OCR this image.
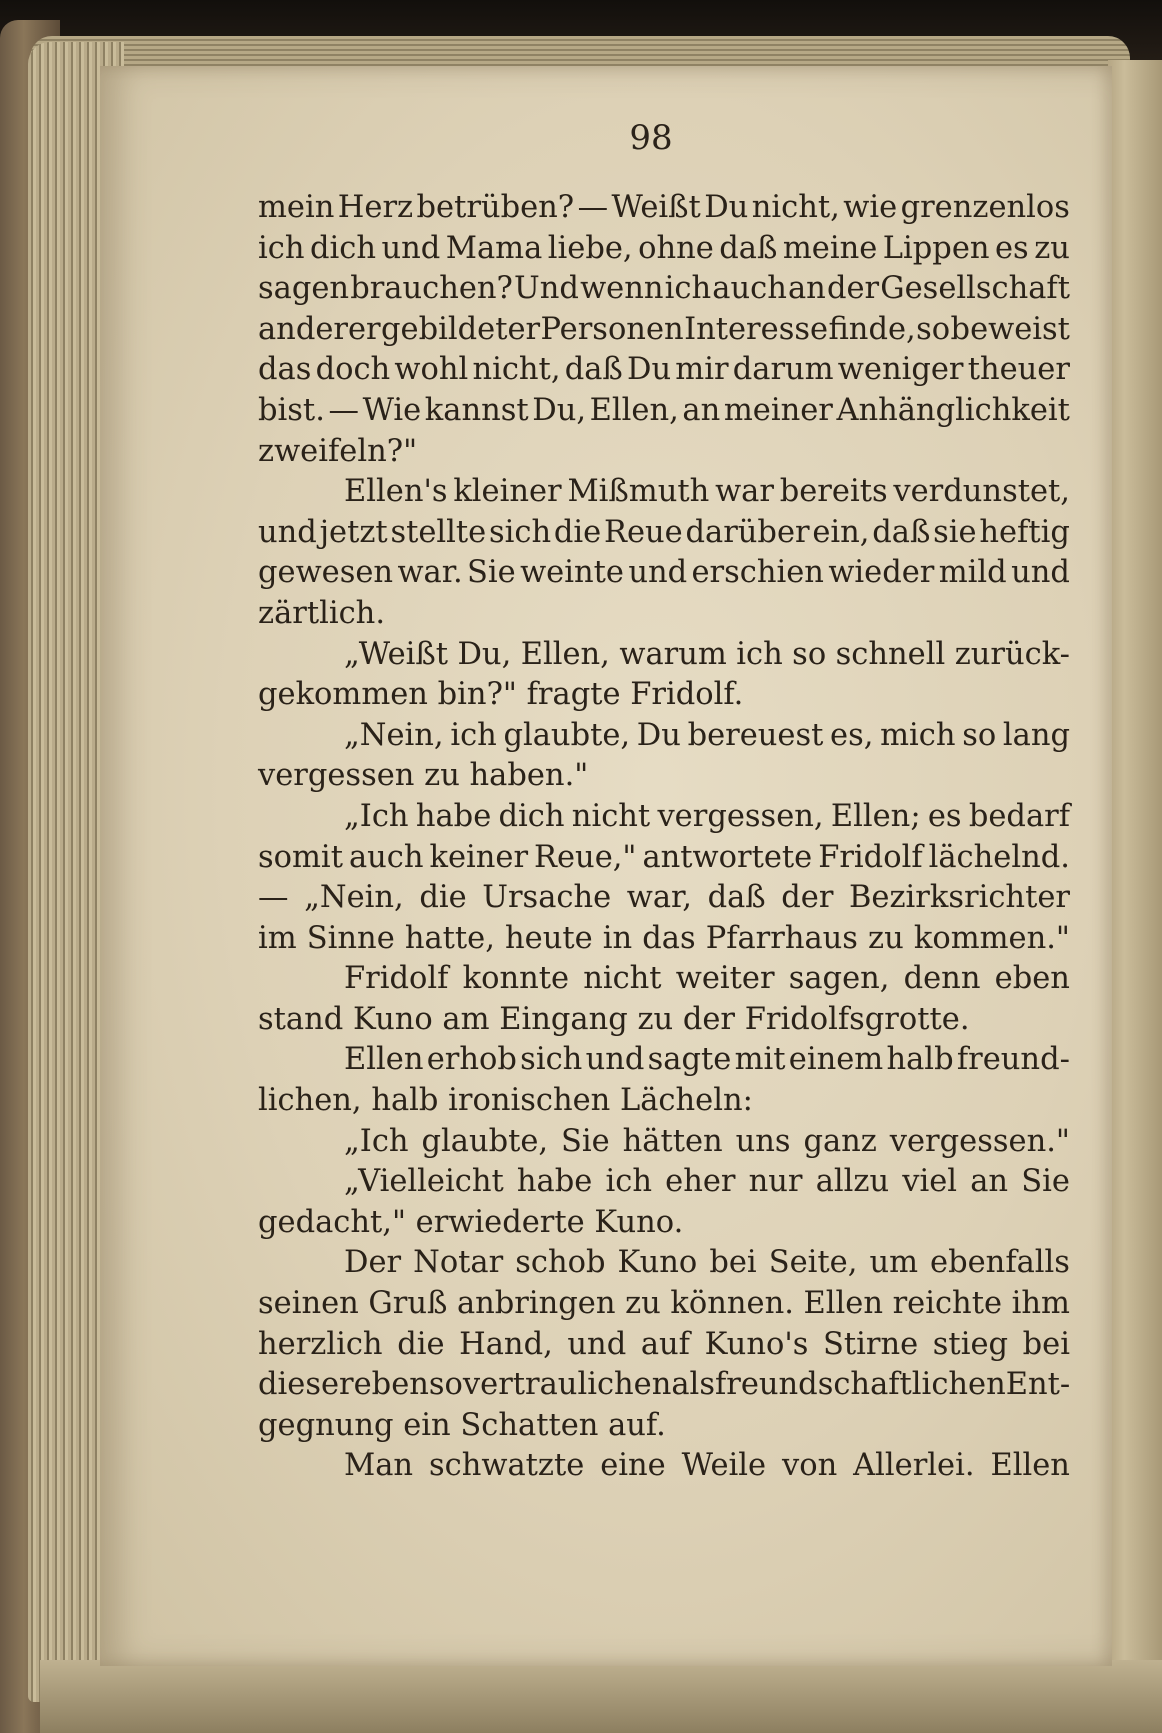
98
mein Herz betrüben? — Weißt Du nicht, wie grenzenlos
ich dich und Mama liebe, ohne daß meine Lippen es zu
sagen brauchen? Und wenn ich auch an der Gesellschaft
anderer gebildeter Personen Interesse finde, so beweist
das doch wohl nicht, daß Du mir darum weniger theuer
bist. — Wie kannst Du, Ellen, an meiner Anhänglichkeit
zweifeln?"
Ellen's kleiner Mißmuth war bereits verdunstet,
und jetzt stellte sich die Reue darüber ein, daß sie heftig
gewesen war. Sie weinte und erschien wieder mild und
zärtlich.
„Weißt Du, Ellen, warum ich so schnell zurück-
gekommen bin?" fragte Fridolf.
„Nein, ich glaubte, Du bereuest es, mich so lang
vergessen zu haben."
„Ich habe dich nicht vergessen, Ellen; es bedarf
somit auch keiner Reue," antwortete Fridolf lächelnd.
— „Nein, die Ursache war, daß der Bezirksrichter
im Sinne hatte, heute in das Pfarrhaus zu kommen."
Fridolf konnte nicht weiter sagen, denn eben
stand Kuno am Eingang zu der Fridolfsgrotte.
Ellen erhob sich und sagte mit einem halb freund-
lichen, halb ironischen Lächeln:
„Ich glaubte, Sie hätten uns ganz vergessen."
„Vielleicht habe ich eher nur allzu viel an Sie
gedacht," erwiederte Kuno.
Der Notar schob Kuno bei Seite, um ebenfalls
seinen Gruß anbringen zu können. Ellen reichte ihm
herzlich die Hand, und auf Kuno's Stirne stieg bei
dieser ebenso vertraulichen als freundschaftlichen Ent-
gegnung ein Schatten auf.
Man schwatzte eine Weile von Allerlei. Ellen
